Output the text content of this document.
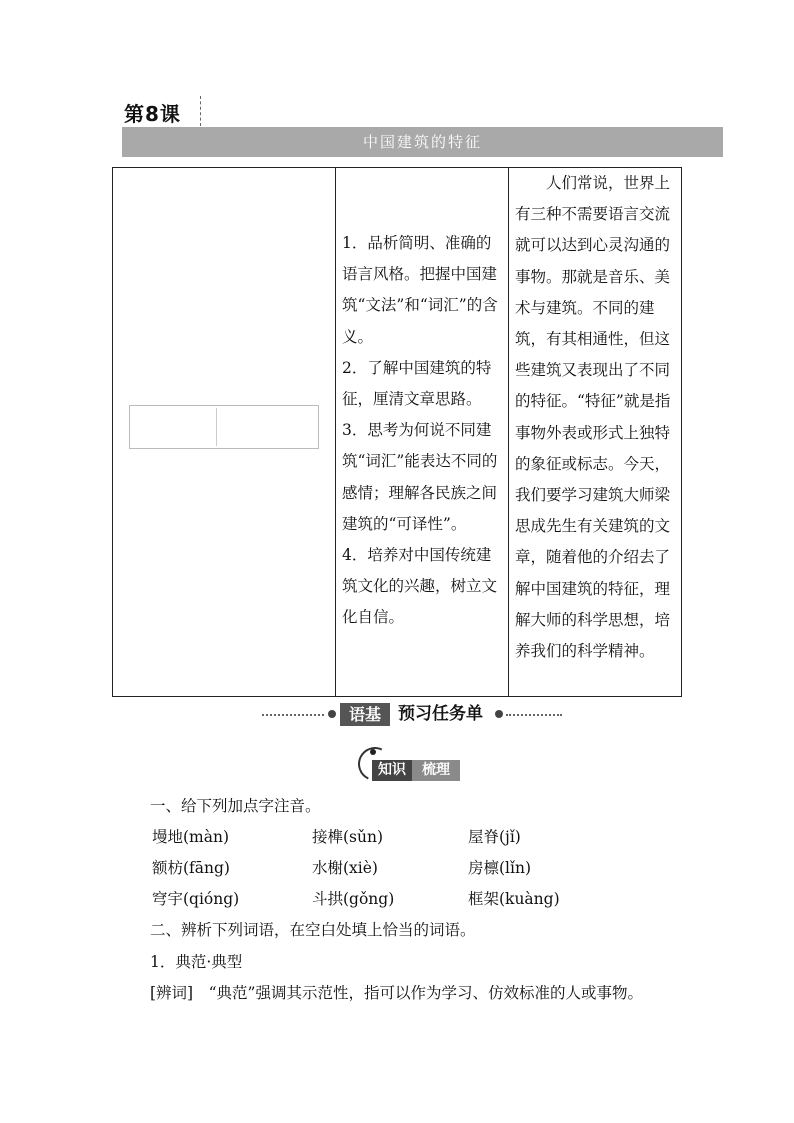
第8课
中国建筑的特征

1．品析简明、准确的语言风格。把握中国建筑“文法”和“词汇”的含义。

2．了解中国建筑的特征，厘清文章思路。

3．思考为何说不同建筑“词汇”能表达不同的感情；理解各民族之间建筑的“可译性”。

4．培养对中国传统建筑文化的兴趣，树立文化自信。

人们常说，世界上有三种不需要语言交流就可以达到心灵沟通的事物。那就是音乐、美术与建筑。不同的建筑，有其相通性，但这些建筑又表现出了不同的特征。“特征”就是指事物外表或形式上独特的象征或标志。今天，我们要学习建筑大师梁思成先生有关建筑的文章，随着他的介绍去了解中国建筑的特征，理解大师的科学思想，培养我们的科学精神。

语基	预习任务单
知识	梳理
一、给下列加点字注音。
墁地(màn)	接榫(sǔn)	屋脊(jǐ)
额枋(fāng)	水榭(xiè)	房檩(lǐn)
穹宇(qióng)	斗拱(gǒng)	框架(kuàng)
二、辨析下列词语，在空白处填上恰当的词语。
1．典范·典型
[辨词]　“典范”强调其示范性，指可以作为学习、仿效标准的人或事物。
